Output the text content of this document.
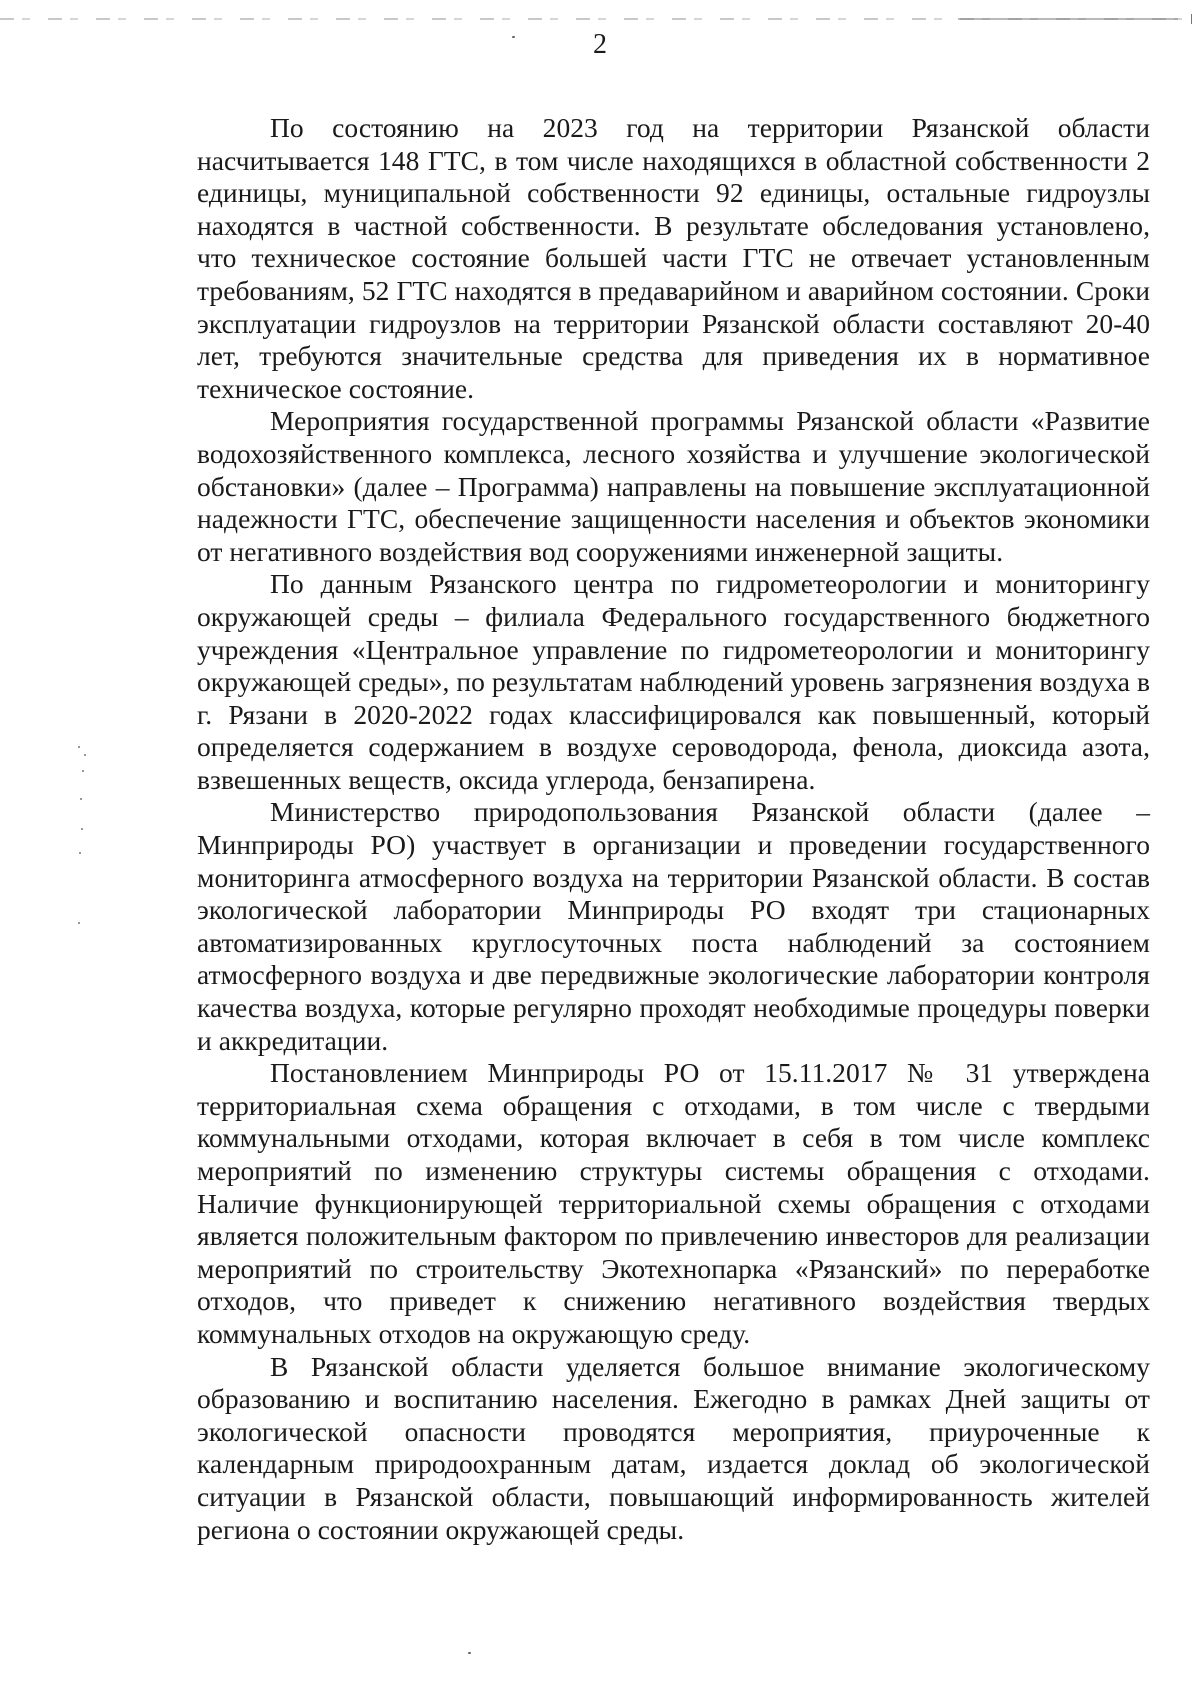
2

По состоянию на 2023 год на территории Рязанской области насчитывается 148 ГТС, в том числе находящихся в областной собственности 2 единицы, муниципальной собственности 92 единицы, остальные гидроузлы находятся в частной собственности. В результате обследования установлено, что техническое состояние большей части ГТС не отвечает установленным требованиям, 52 ГТС находятся в предаварийном и аварийном состоянии. Сроки эксплуатации гидроузлов на территории Рязанской области составляют 20-40 лет, требуются значительные средства для приведения их в нормативное техническое состояние.

Мероприятия государственной программы Рязанской области «Развитие водохозяйственного комплекса, лесного хозяйства и улучшение экологической обстановки» (далее – Программа) направлены на повышение эксплуатационной надежности ГТС, обеспечение защищенности населения и объектов экономики от негативного воздействия вод сооружениями инженерной защиты.

По данным Рязанского центра по гидрометеорологии и мониторингу окружающей среды – филиала Федерального государственного бюджетного учреждения «Центральное управление по гидрометеорологии и мониторингу окружающей среды», по результатам наблюдений уровень загрязнения воздуха в г. Рязани в 2020-2022 годах классифицировался как повышенный, который определяется содержанием в воздухе сероводорода, фенола, диоксида азота, взвешенных веществ, оксида углерода, бензапирена.

Министерство природопользования Рязанской области (далее – Минприроды РО) участвует в организации и проведении государственного мониторинга атмосферного воздуха на территории Рязанской области. В состав экологической лаборатории Минприроды РО входят три стационарных автоматизированных круглосуточных поста наблюдений за состоянием атмосферного воздуха и две передвижные экологические лаборатории контроля качества воздуха, которые регулярно проходят необходимые процедуры поверки и аккредитации.

Постановлением Минприроды РО от 15.11.2017 № 31 утверждена территориальная схема обращения с отходами, в том числе с твердыми коммунальными отходами, которая включает в себя в том числе комплекс мероприятий по изменению структуры системы обращения с отходами. Наличие функционирующей территориальной схемы обращения с отходами является положительным фактором по привлечению инвесторов для реализации мероприятий по строительству Экотехнопарка «Рязанский» по переработке отходов, что приведет к снижению негативного воздействия твердых коммунальных отходов на окружающую среду.

В Рязанской области уделяется большое внимание экологическому образованию и воспитанию населения. Ежегодно в рамках Дней защиты от экологической опасности проводятся мероприятия, приуроченные к календарным природоохранным датам, издается доклад об экологической ситуации в Рязанской области, повышающий информированность жителей региона о состоянии окружающей среды.
